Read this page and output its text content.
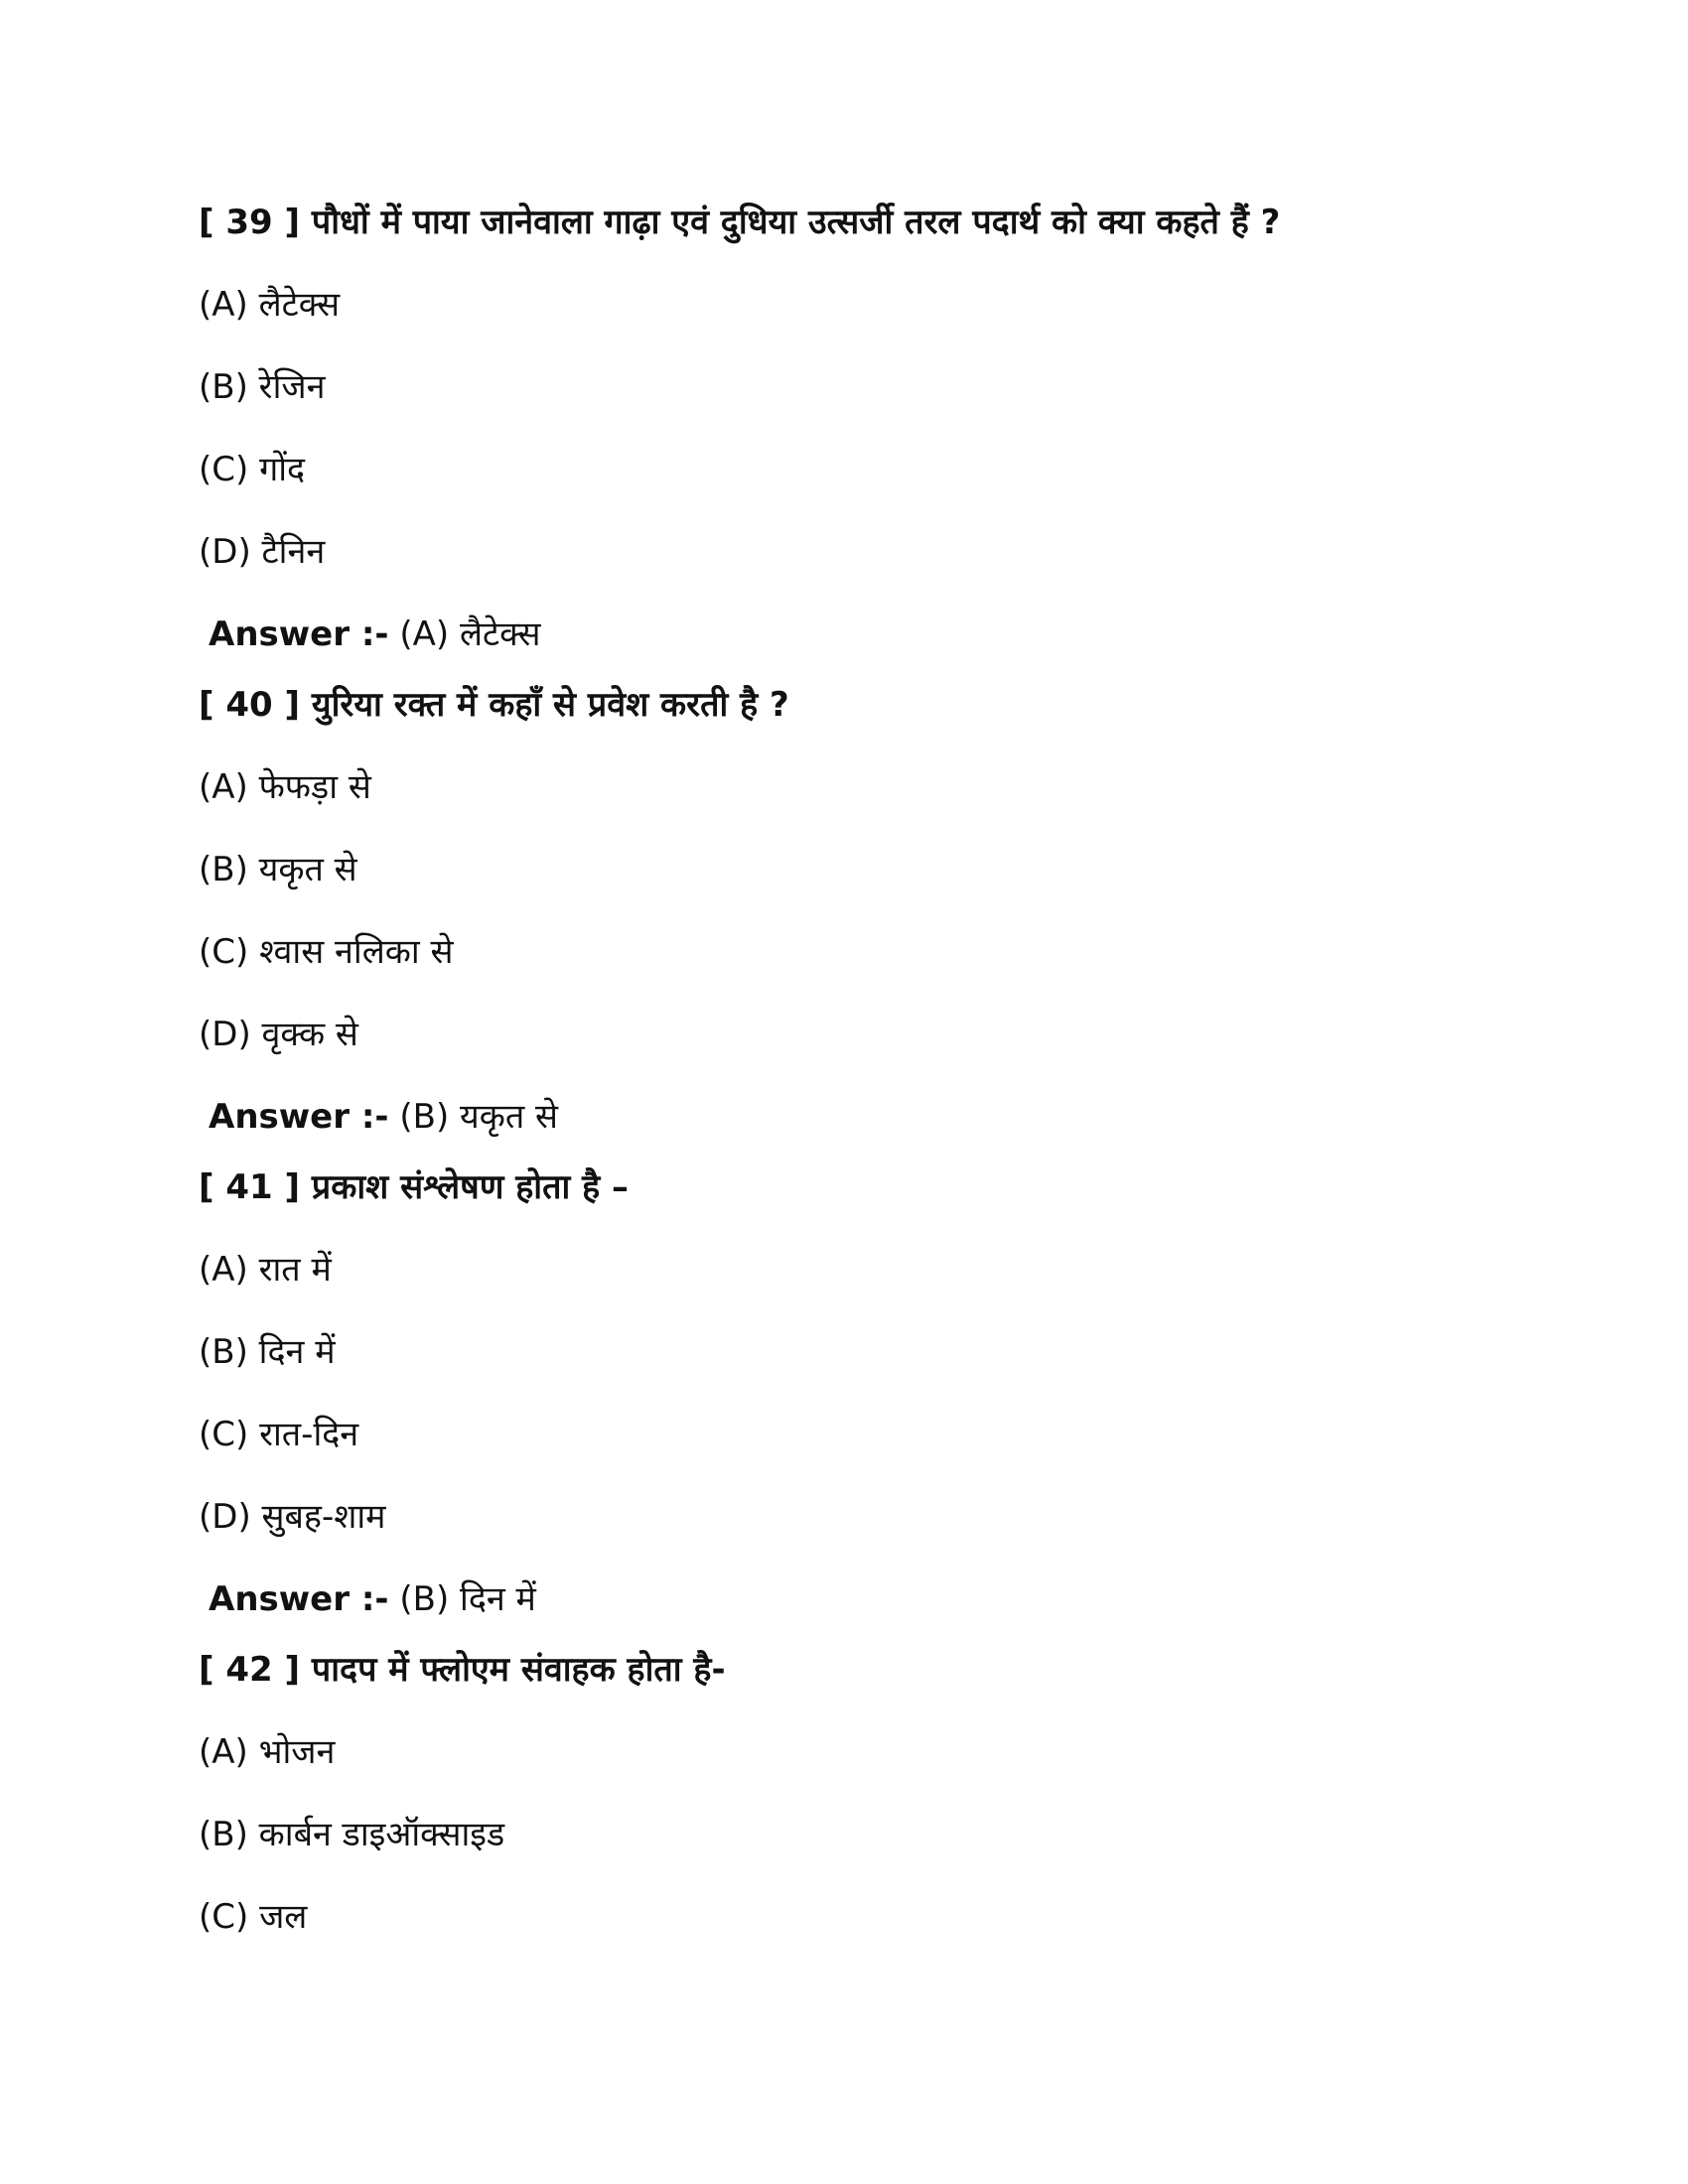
[ 39 ] पौधों में पाया जानेवाला गाढ़ा एवं दुधिया उत्सर्जी तरल पदार्थ को क्या कहते हैं ?
(A) लैटेक्स
(B) रेजिन
(C) गोंद
(D) टैनिन
Answer :- (A) लैटेक्स
[ 40 ] युरिया रक्त में कहाँ से प्रवेश करती है ?
(A) फेफड़ा से
(B) यकृत से
(C) श्वास नलिका से
(D) वृक्क से
Answer :- (B) यकृत से
[ 41 ] प्रकाश संश्लेषण होता है –
(A) रात में
(B) दिन में
(C) रात-दिन
(D) सुबह-शाम
Answer :- (B) दिन में
[ 42 ] पादप में फ्लोएम संवाहक होता है-
(A) भोजन
(B) कार्बन डाइऑक्साइड
(C) जल
